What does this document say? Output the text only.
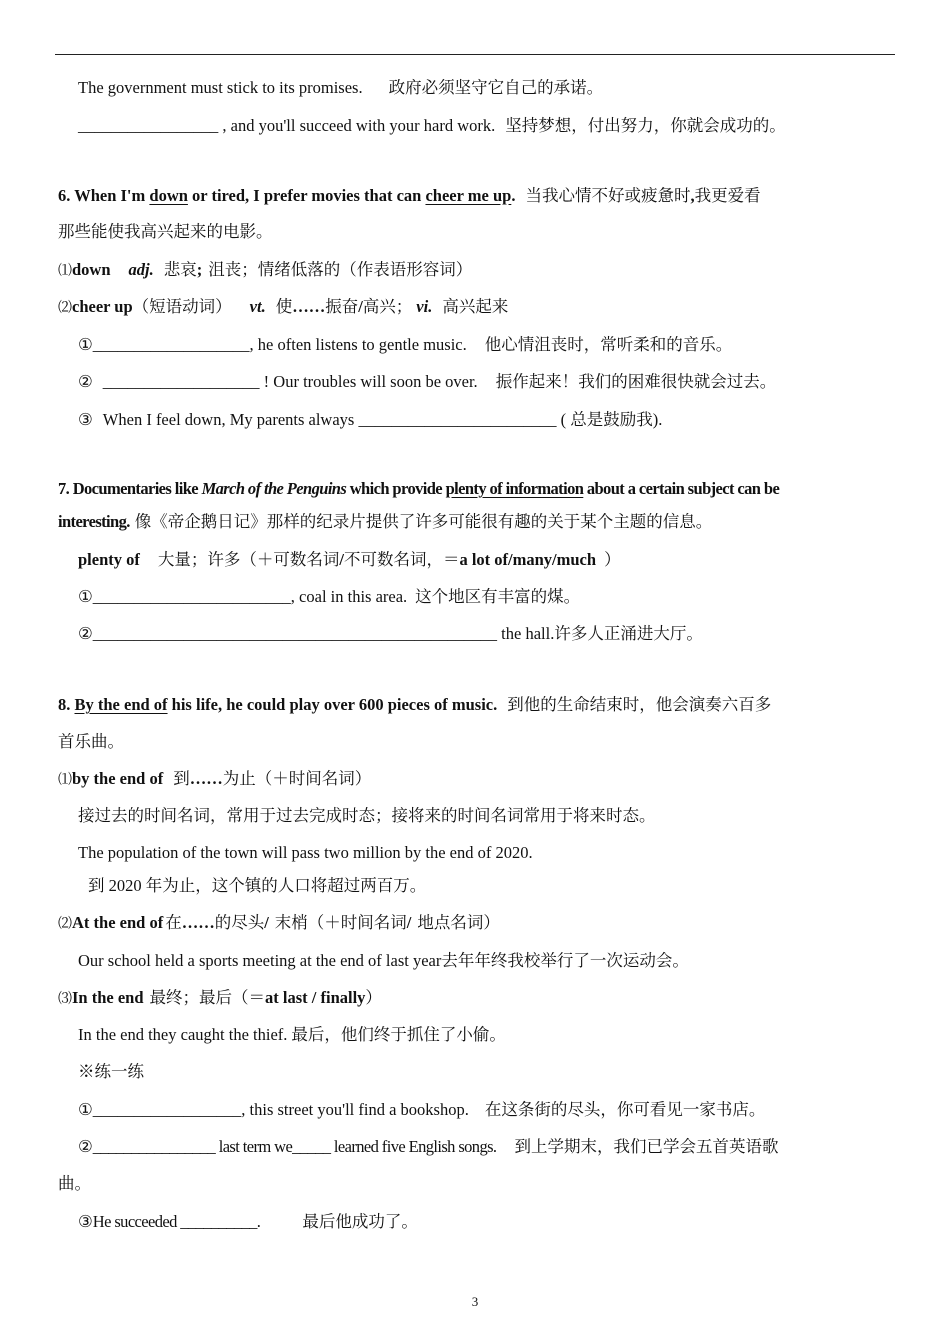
The government must stick to its promises. 政府必须坚守它自己的承诺。
_________________ , and you'll succeed with your hard work. 坚持梦想，付出努力，你就会成功的。
6. When I'm down or tired, I prefer movies that can cheer me up. 当我心情不好或疲惫时,我更爱看
那些能使我高兴起来的电影。
⑴down adj. 悲哀; 沮丧；情绪低落的（作表语形容词）
⑵cheer up（短语动词） vt. 使……振奋/高兴； vi. 高兴起来
①___________________, he often listens to gentle music. 他心情沮丧时，常听柔和的音乐。
② ___________________ ! Our troubles will soon be over. 振作起来！我们的困难很快就会过去。
③ When I feel down, My parents always ________________________ ( 总是鼓励我).
7. Documentaries like March of the Penguins which provide plenty of information about a certain subject can be
interesting. 像《帝企鹅日记》那样的纪录片提供了许多可能很有趣的关于某个主题的信息。
plenty of 大量；许多（＋可数名词/不可数名词，＝a lot of/many/much ）
①________________________, coal in this area. 这个地区有丰富的煤。
②_________________________________________________ the hall.许多人正涌进大厅。
8. By the end of his life, he could play over 600 pieces of music. 到他的生命结束时，他会演奏六百多
首乐曲。
⑴by the end of 到……为止（＋时间名词）
接过去的时间名词，常用于过去完成时态；接将来的时间名词常用于将来时态。
The population of the town will pass two million by the end of 2020.
到 2020 年为止，这个镇的人口将超过两百万。
⑵At the end of 在……的尽头/ 末梢（＋时间名词/ 地点名词）
Our school held a sports meeting at the end of last year去年年终我校举行了一次运动会。
⑶In the end 最终；最后（＝at last / finally）
In the end they caught the thief. 最后，他们终于抓住了小偷。
※练一练
①__________________, this street you'll find a bookshop. 在这条街的尽头，你可看见一家书店。
②________________ last term we_____ learned five English songs. 到上学期末，我们已学会五首英语歌
曲。
③He succeeded __________.	最后他成功了。
3
